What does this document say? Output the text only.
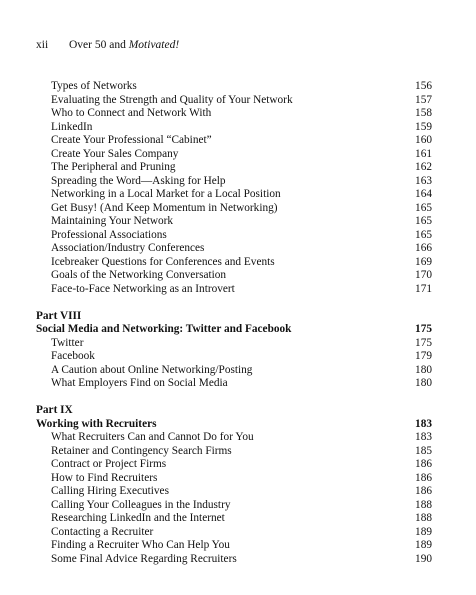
xii Over 50 and Motivated!
Types of Networks	156
Evaluating the Strength and Quality of Your Network	157
Who to Connect and Network With	158
LinkedIn	159
Create Your Professional “Cabinet”	160
Create Your Sales Company	161
The Peripheral and Pruning	162
Spreading the Word—Asking for Help	163
Networking in a Local Market for a Local Position	164
Get Busy! (And Keep Momentum in Networking)	165
Maintaining Your Network	165
Professional Associations	165
Association/Industry Conferences	166
Icebreaker Questions for Conferences and Events	169
Goals of the Networking Conversation	170
Face-to-Face Networking as an Introvert	171
Part VIII
Social Media and Networking: Twitter and Facebook	175
Twitter	175
Facebook	179
A Caution about Online Networking/Posting	180
What Employers Find on Social Media	180
Part IX
Working with Recruiters	183
What Recruiters Can and Cannot Do for You	183
Retainer and Contingency Search Firms	185
Contract or Project Firms	186
How to Find Recruiters	186
Calling Hiring Executives	186
Calling Your Colleagues in the Industry	188
Researching LinkedIn and the Internet	188
Contacting a Recruiter	189
Finding a Recruiter Who Can Help You	189
Some Final Advice Regarding Recruiters	190
